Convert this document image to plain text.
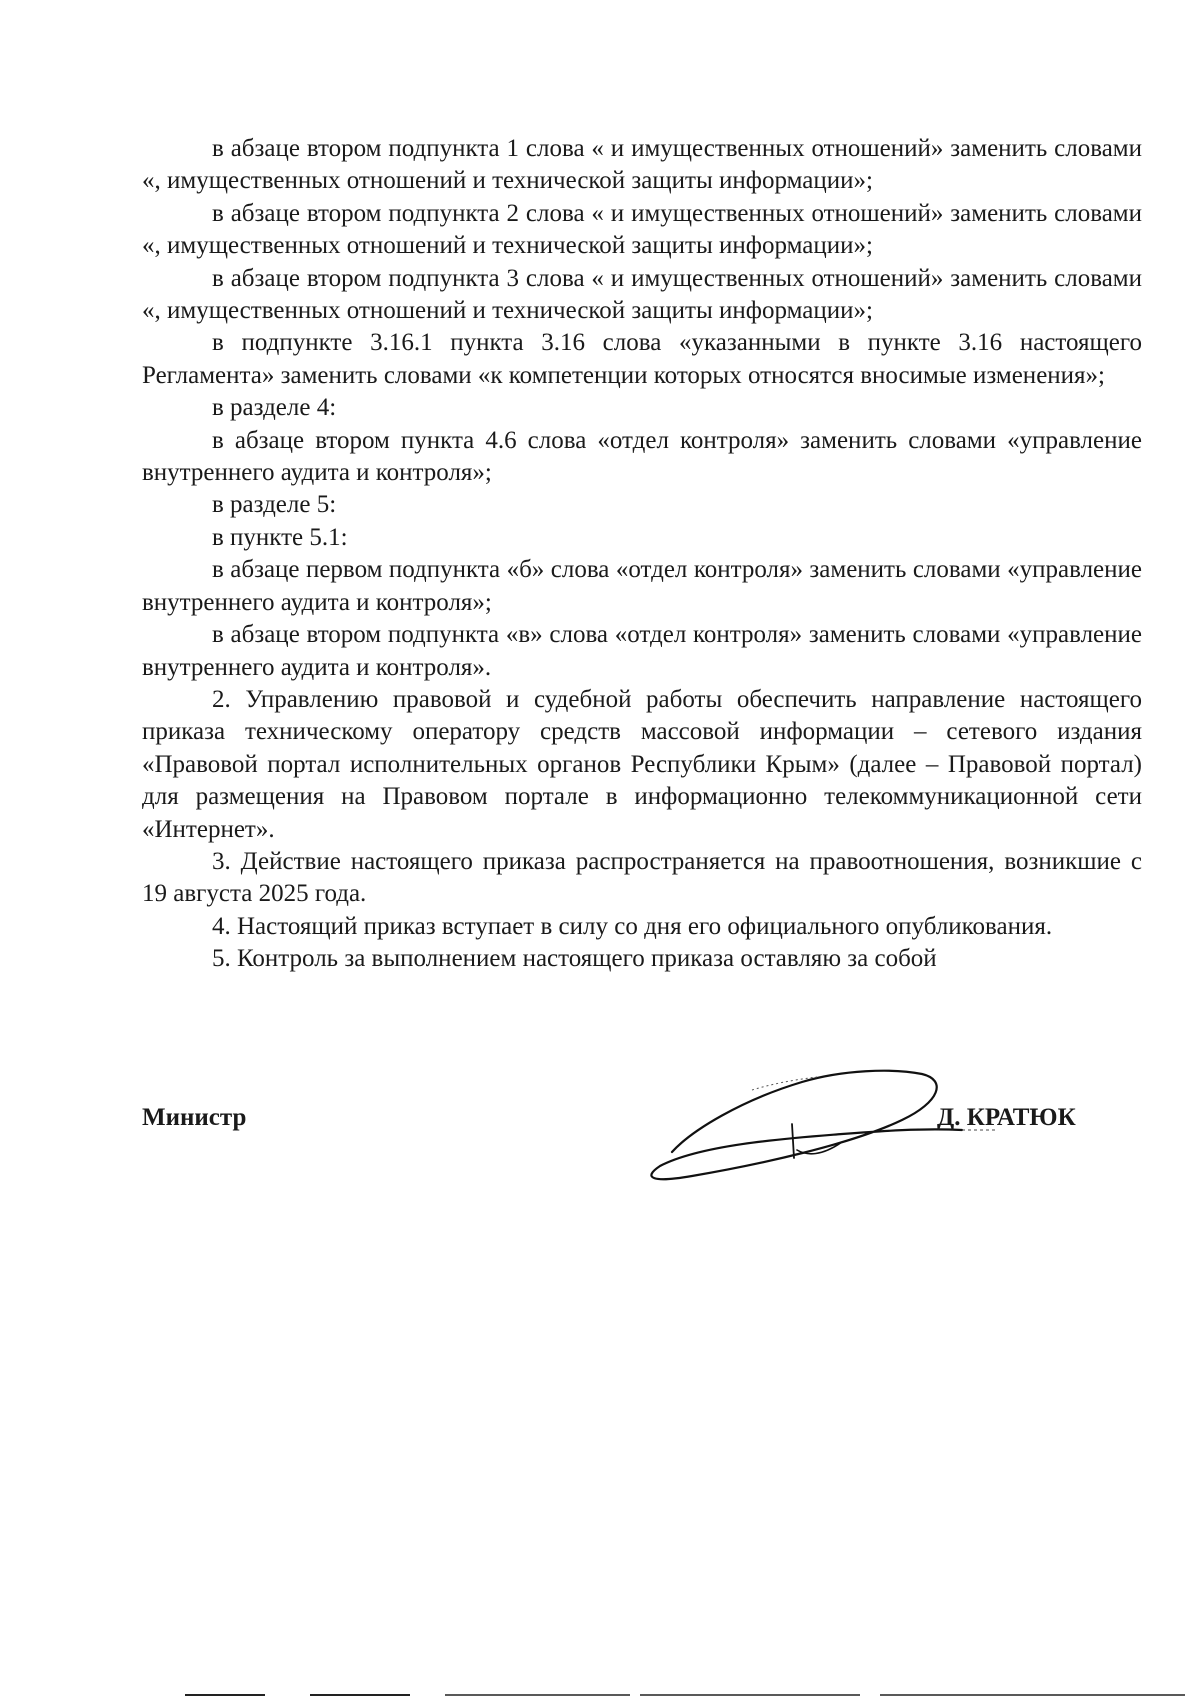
в абзаце втором подпункта 1 слова « и имущественных отношений» заменить словами «, имущественных отношений и технической защиты информации»;

в абзаце втором подпункта 2 слова « и имущественных отношений» заменить словами «, имущественных отношений и технической защиты информации»;

в абзаце втором подпункта 3 слова « и имущественных отношений» заменить словами «, имущественных отношений и технической защиты информации»;

в подпункте 3.16.1 пункта 3.16 слова «указанными в пункте 3.16 настоящего Регламента» заменить словами «к компетенции которых относятся вносимые изменения»;

в разделе 4:

в абзаце втором пункта 4.6 слова «отдел контроля» заменить словами «управление внутреннего аудита и контроля»;

в разделе 5:

в пункте 5.1:

в абзаце первом подпункта «б» слова «отдел контроля» заменить словами «управление внутреннего аудита и контроля»;

в абзаце втором подпункта «в» слова «отдел контроля» заменить словами «управление внутреннего аудита и контроля».

2. Управлению правовой и судебной работы обеспечить направление настоящего приказа техническому оператору средств массовой информации – сетевого издания «Правовой портал исполнительных органов Республики Крым» (далее – Правовой портал) для размещения на Правовом портале в информационно телекоммуникационной сети «Интернет».

3. Действие настоящего приказа распространяется на правоотношения, возникшие с 19 августа 2025 года.

4. Настоящий приказ вступает в силу со дня его официального опубликования.

5. Контроль за выполнением настоящего приказа оставляю за собой

Министр	Д. КРАТЮК
